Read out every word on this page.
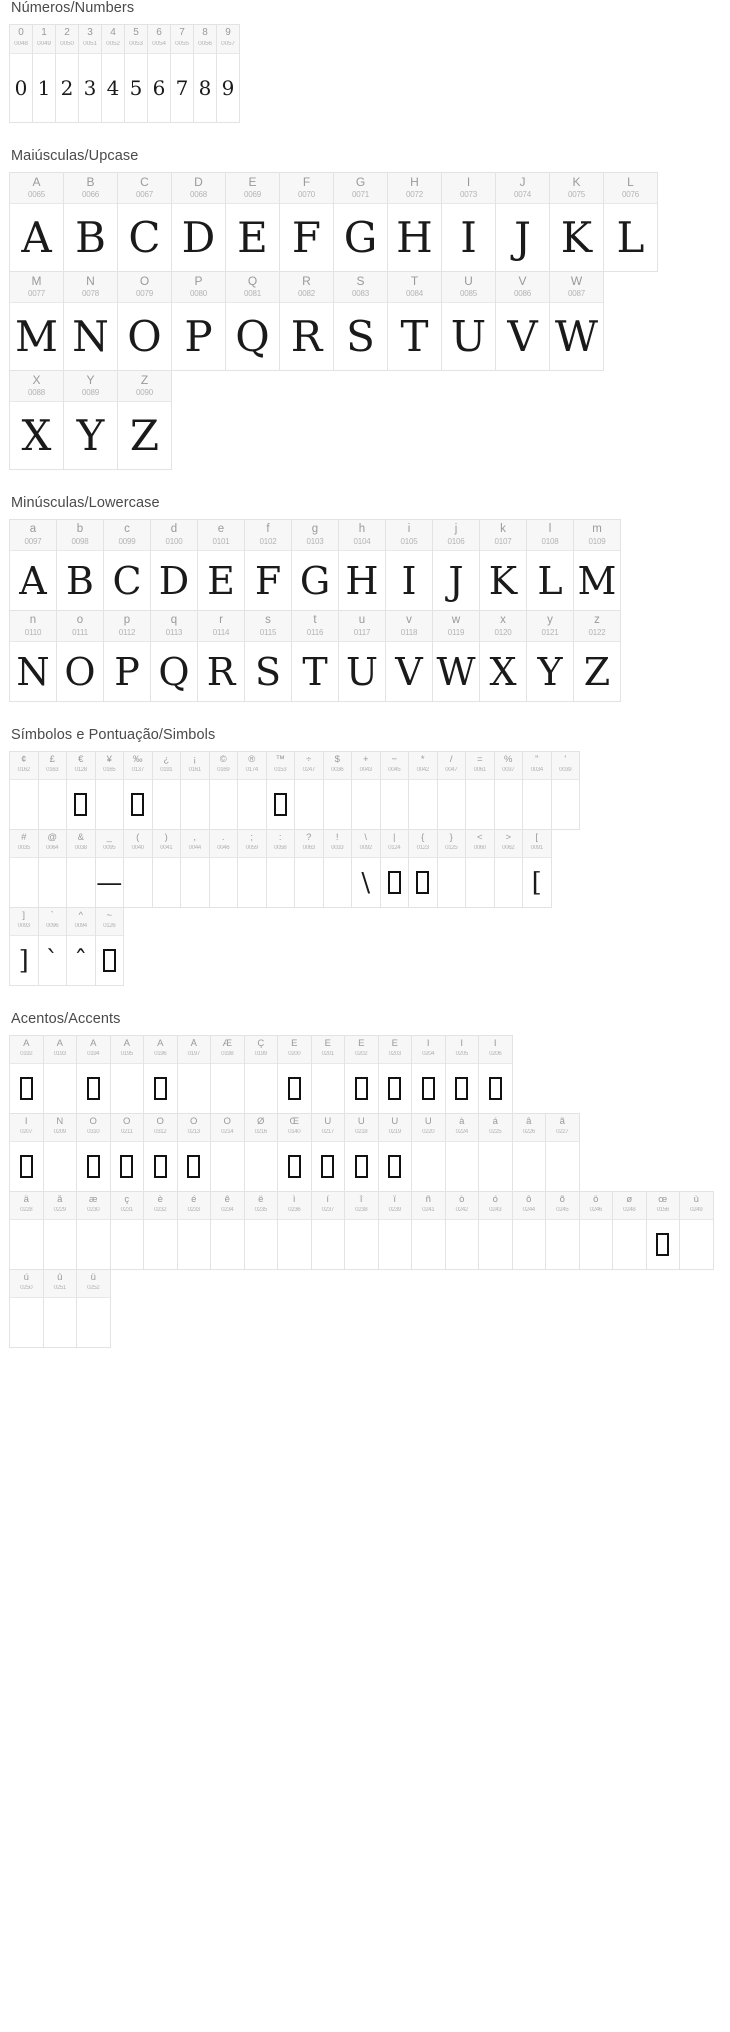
Números/Numbers
0
0048
0
1
0049
1
2
0050
2
3
0051
3
4
0052
4
5
0053
5
6
0054
6
7
0055
7
8
0056
8
9
0057
9
Maiúsculas/Upcase
A
0065
A
B
0066
B
C
0067
C
D
0068
D
E
0069
E
F
0070
F
G
0071
G
H
0072
H
I
0073
I
J
0074
J
K
0075
K
L
0076
L
M
0077
M
N
0078
N
O
0079
O
P
0080
P
Q
0081
Q
R
0082
R
S
0083
S
T
0084
T
U
0085
U
V
0086
V
W
0087
W
X
0088
X
Y
0089
Y
Z
0090
Z
Minúsculas/Lowercase
a
0097
A
b
0098
B
c
0099
C
d
0100
D
e
0101
E
f
0102
F
g
0103
G
h
0104
H
i
0105
I
j
0106
J
k
0107
K
l
0108
L
m
0109
M
n
0110
N
o
0111
O
p
0112
P
q
0113
Q
r
0114
R
s
0115
S
t
0116
T
u
0117
U
v
0118
V
w
0119
W
x
0120
X
y
0121
Y
z
0122
Z
Símbolos e Pontuação/Simbols
¢
0162
£
0163
€
0128
¥
0165
‰
0137
¿
0191
¡
0161
©
0169
®
0174
™
0153
÷
0247
$
0036
+
0043
−
0045
*
0042
/
0047
=
0061
%
0037
"
0034
'
0039
#
0035
@
0064
&
0038
_
0095
—
(
0040
)
0041
,
0044
.
0046
;
0059
:
0058
?
0063
!
0033
\
0092
\
|
0124
{
0123
}
0125
<
0060
>
0062
[
0091
[
]
0093
]
`
0096
ˋ
^
0094
ˆ
~
0126
Acentos/Accents
À
0192
Á
0193
Â
0194
Ã
0195
Ä
0196
Å
0197
Æ
0198
Ç
0199
È
0200
É
0201
Ê
0202
Ë
0203
Ì
0204
Í
0205
Î
0206
Ï
0207
Ñ
0209
Ò
0310
Ó
0211
Ô
0312
Õ
0213
Ö
0214
Ø
0216
Œ
0140
Ù
0217
Ú
0218
Û
0219
Ü
0220
à
0224
á
0225
â
0226
ã
0227
ä
0228
å
0229
æ
0230
ç
0231
è
0232
é
0233
ê
0234
ë
0235
ì
0236
í
0237
î
0238
ï
0239
ñ
0241
ò
0242
ó
0243
ô
0244
õ
0245
ö
0246
ø
0248
œ
0156
ù
0249
ú
0250
û
0251
ü
0252
